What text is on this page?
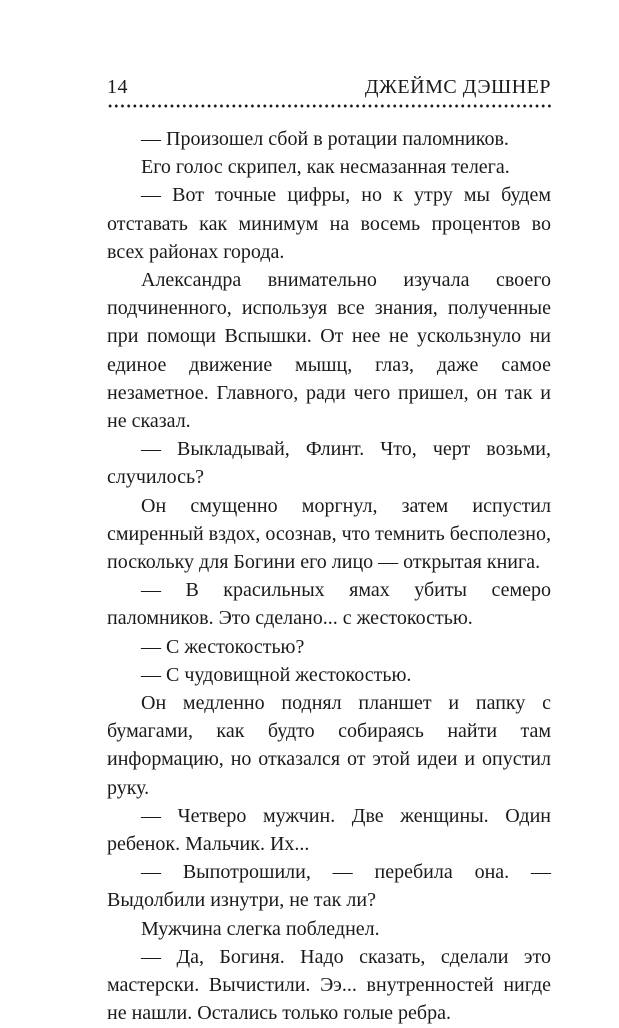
14	ДЖЕЙМС ДЭШНЕР

— Произошел сбой в ротации паломников.

Его голос скрипел, как несмазанная телега.

— Вот точные цифры, но к утру мы будем отставать как минимум на восемь процентов во всех районах города.

Александра внимательно изучала своего подчиненного, используя все знания, полученные при помощи Вспышки. От нее не ускользнуло ни единое движение мышц, глаз, даже самое незаметное. Главного, ради чего пришел, он так и не сказал.

— Выкладывай, Флинт. Что, черт возьми, случилось?

Он смущенно моргнул, затем испустил смиренный вздох, осознав, что темнить бесполезно, поскольку для Богини его лицо — открытая книга.

— В красильных ямах убиты семеро паломников. Это сделано... с жестокостью.

— С жестокостью?

— С чудовищной жестокостью.

Он медленно поднял планшет и папку с бумагами, как будто собираясь найти там информацию, но отказался от этой идеи и опустил руку.

— Четверо мужчин. Две женщины. Один ребенок. Мальчик. Их...

— Выпотрошили, — перебила она. — Выдолбили изнутри, не так ли?

Мужчина слегка побледнел.

— Да, Богиня. Надо сказать, сделали это мастерски. Вычистили. Ээ... внутренностей нигде не нашли. Остались только голые ребра.
